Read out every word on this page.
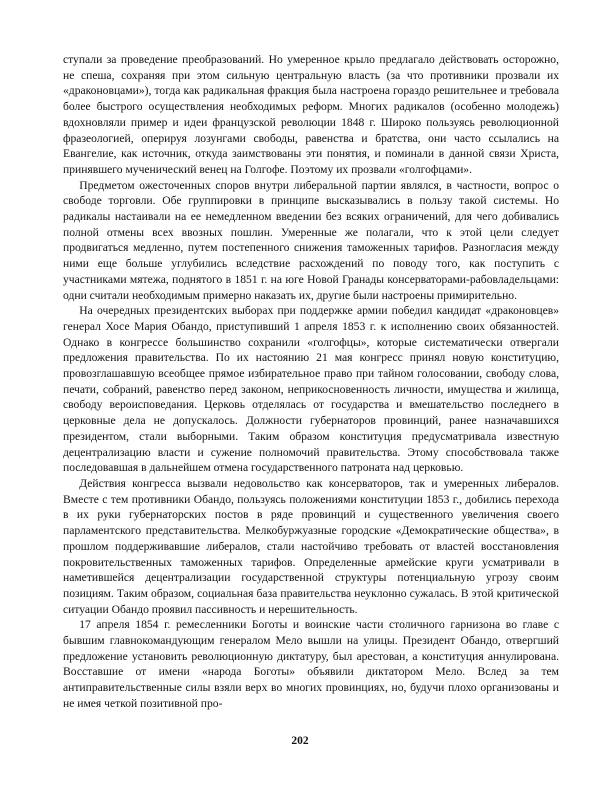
ступали за проведение преобразований. Но умеренное крыло предлагало действовать осторожно, не спеша, сохраняя при этом сильную центральную власть (за что противники прозвали их «драконовцами»), тогда как радикальная фракция была настроена гораздо решительнее и требовала более быстрого осуществления необходимых реформ. Многих радикалов (особенно молодежь) вдохновляли пример и идеи французской революции 1848 г. Широко пользуясь революционной фразеологией, оперируя лозунгами свободы, равенства и братства, они часто ссылались на Евангелие, как источник, откуда заимствованы эти понятия, и поминали в данной связи Христа, принявшего мученический венец на Голгофе. Поэтому их прозвали «голгофцами».

Предметом ожесточенных споров внутри либеральной партии являлся, в частности, вопрос о свободе торговли. Обе группировки в принципе высказывались в пользу такой системы. Но радикалы настаивали на ее немедленном введении без всяких ограничений, для чего добивались полной отмены всех ввозных пошлин. Умеренные же полагали, что к этой цели следует продвигаться медленно, путем постепенного снижения таможенных тарифов. Разногласия между ними еще больше углубились вследствие расхождений по поводу того, как поступить с участниками мятежа, поднятого в 1851 г. на юге Новой Гранады консерваторами-рабовладельцами: одни считали необходимым примерно наказать их, другие были настроены примирительно.

На очередных президентских выборах при поддержке армии победил кандидат «драконовцев» генерал Хосе Мария Обандо, приступивший 1 апреля 1853 г. к исполнению своих обязанностей. Однако в конгрессе большинство сохранили «голгофцы», которые систематически отвергали предложения правительства. По их настоянию 21 мая конгресс принял новую конституцию, провозглашавшую всеобщее прямое избирательное право при тайном голосовании, свободу слова, печати, собраний, равенство перед законом, неприкосновенность личности, имущества и жилища, свободу вероисповедания. Церковь отделялась от государства и вмешательство последнего в церковные дела не допускалось. Должности губернаторов провинций, ранее назначавшихся президентом, стали выборными. Таким образом конституция предусматривала известную децентрализацию власти и сужение полномочий правительства. Этому способствовала также последовавшая в дальнейшем отмена государственного патроната над церковью.

Действия конгресса вызвали недовольство как консерваторов, так и умеренных либералов. Вместе с тем противники Обандо, пользуясь положениями конституции 1853 г., добились перехода в их руки губернаторских постов в ряде провинций и существенного увеличения своего парламентского представительства. Мелкобуржуазные городские «Демократические общества», в прошлом поддерживавшие либералов, стали настойчиво требовать от властей восстановления покровительственных таможенных тарифов. Определенные армейские круги усматривали в наметившейся децентрализации государственной структуры потенциальную угрозу своим позициям. Таким образом, социальная база правительства неуклонно сужалась. В этой критической ситуации Обандо проявил пассивность и нерешительность.

17 апреля 1854 г. ремесленники Боготы и воинские части столичного гарнизона во главе с бывшим главнокомандующим генералом Мело вышли на улицы. Президент Обандо, отвергший предложение установить революционную диктатуру, был арестован, а конституция аннулирована. Восставшие от имени «народа Боготы» объявили диктатором Мело. Вслед за тем антиправительственные силы взяли верх во многих провинциях, но, будучи плохо организованы и не имея четкой позитивной про-

202
